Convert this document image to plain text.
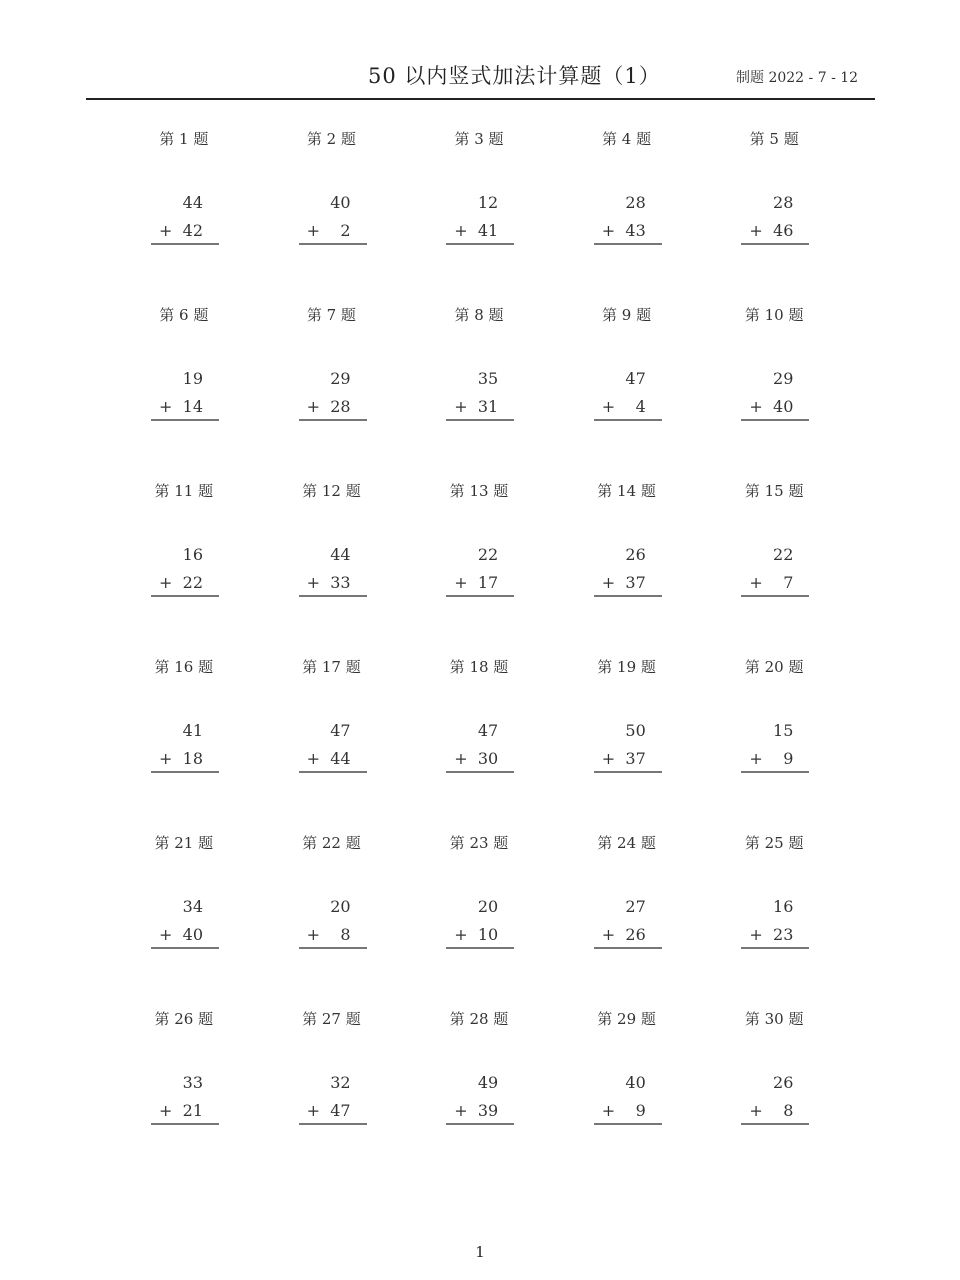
50 以内竖式加法计算题（1）	制题 2022 - 7 - 12
第 1 题
44
+ 42
第 2 题
40
+ 2
第 3 题
12
+ 41
第 4 题
28
+ 43
第 5 题
28
+ 46
第 6 题
19
+ 14
第 7 题
29
+ 28
第 8 题
35
+ 31
第 9 题
47
+ 4
第 10 题
29
+ 40
第 11 题
16
+ 22
第 12 题
44
+ 33
第 13 题
22
+ 17
第 14 题
26
+ 37
第 15 题
22
+ 7
第 16 题
41
+ 18
第 17 题
47
+ 44
第 18 题
47
+ 30
第 19 题
50
+ 37
第 20 题
15
+ 9
第 21 题
34
+ 40
第 22 题
20
+ 8
第 23 题
20
+ 10
第 24 题
27
+ 26
第 25 题
16
+ 23
第 26 题
33
+ 21
第 27 题
32
+ 47
第 28 题
49
+ 39
第 29 题
40
+ 9
第 30 题
26
+ 8
1
